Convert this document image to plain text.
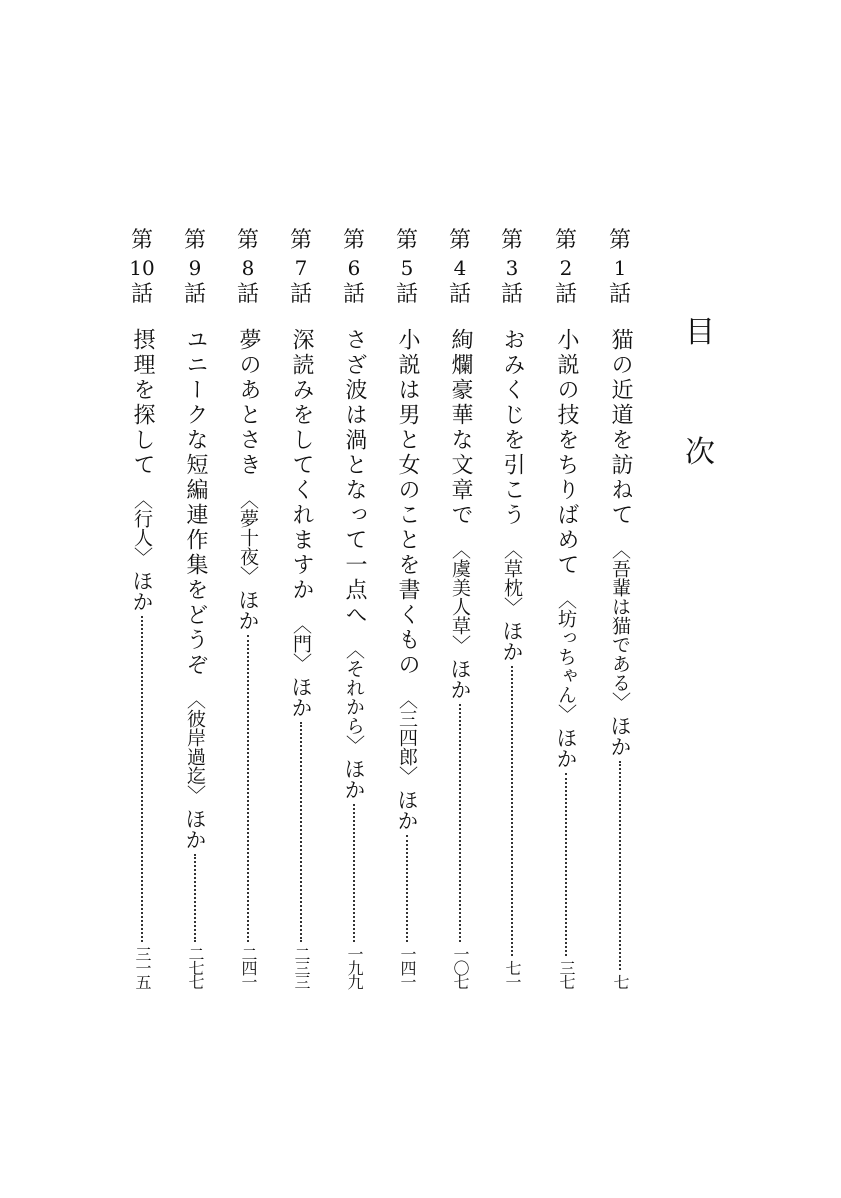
目
次
第
1
話
猫の近道を訪ねて
〈吾輩は猫である〉
ほか
七
第
2
話
小説の技をちりばめて
〈坊っちゃん〉
ほか
三七
第
3
話
おみくじを引こう
〈草枕〉
ほか
七一
第
4
話
絢爛豪華な文章で
〈虞美人草〉
ほか
一〇七
第
5
話
小説は男と女のことを書くもの
〈三四郎〉
ほか
一四一
第
6
話
さざ波は渦となって一点へ
〈それから〉
ほか
一九九
第
7
話
深読みをしてくれますか
〈門〉
ほか
二三三
第
8
話
夢のあとさき
〈夢十夜〉
ほか
二四一
第
9
話
ユニークな短編連作集をどうぞ
〈彼岸過迄〉
ほか
二七七
第
10
話
摂理を探して
〈行人〉
ほか
三一五
